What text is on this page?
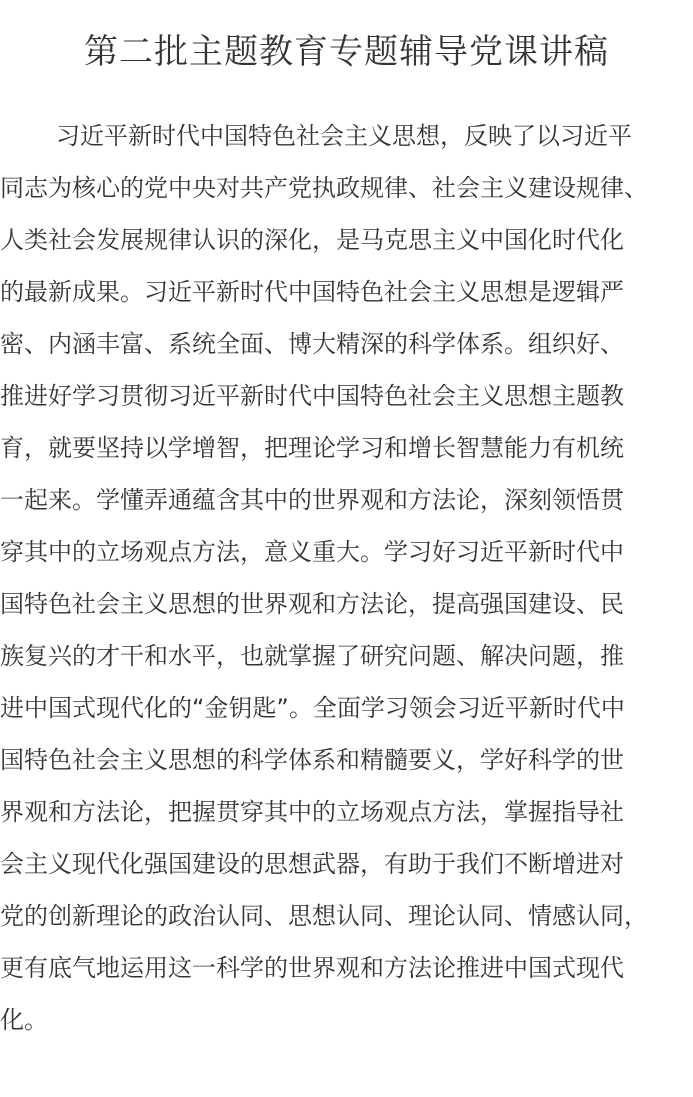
第二批主题教育专题辅导党课讲稿
习近平新时代中国特色社会主义思想，反映了以习近平
同志为核心的党中央对共产党执政规律、社会主义建设规律、
人类社会发展规律认识的深化，是马克思主义中国化时代化
的最新成果。习近平新时代中国特色社会主义思想是逻辑严
密、内涵丰富、系统全面、博大精深的科学体系。组织好、
推进好学习贯彻习近平新时代中国特色社会主义思想主题教
育，就要坚持以学增智，把理论学习和增长智慧能力有机统
一起来。学懂弄通蕴含其中的世界观和方法论，深刻领悟贯
穿其中的立场观点方法，意义重大。学习好习近平新时代中
国特色社会主义思想的世界观和方法论，提高强国建设、民
族复兴的才干和水平，也就掌握了研究问题、解决问题，推
进中国式现代化的“金钥匙”。全面学习领会习近平新时代中
国特色社会主义思想的科学体系和精髓要义，学好科学的世
界观和方法论，把握贯穿其中的立场观点方法，掌握指导社
会主义现代化强国建设的思想武器，有助于我们不断增进对
党的创新理论的政治认同、思想认同、理论认同、情感认同，
更有底气地运用这一科学的世界观和方法论推进中国式现代
化。
